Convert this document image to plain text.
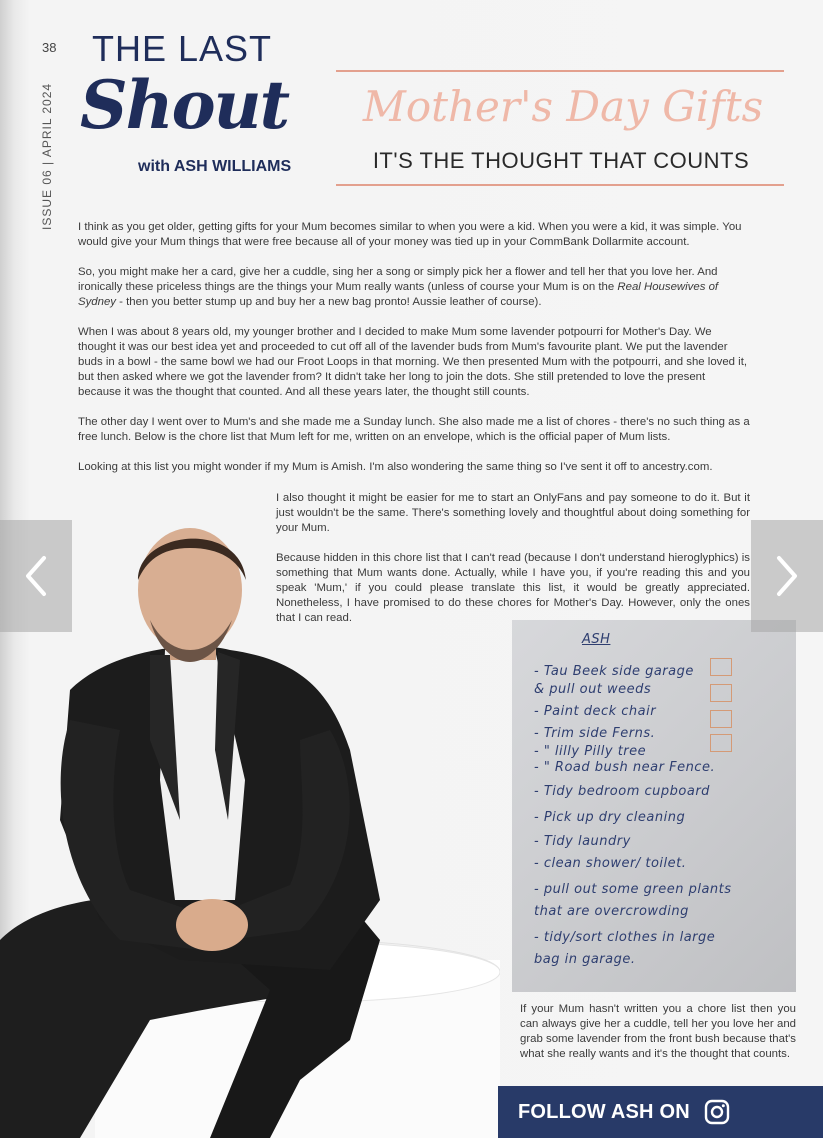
38
ISSUE 06 | APRIL 2024
THE LAST
Shout
with ASH WILLIAMS
Mother's Day Gifts
IT'S THE THOUGHT THAT COUNTS

I think as you get older, getting gifts for your Mum becomes similar to when you were a kid. When you were a kid, it was simple. You would give your Mum things that were free because all of your money was tied up in your CommBank Dollarmite account.

So, you might make her a card, give her a cuddle, sing her a song or simply pick her a flower and tell her that you love her. And ironically these priceless things are the things your Mum really wants (unless of course your Mum is on the Real Housewives of Sydney - then you better stump up and buy her a new bag pronto! Aussie leather of course).

When I was about 8 years old, my younger brother and I decided to make Mum some lavender potpourri for Mother's Day. We thought it was our best idea yet and proceeded to cut off all of the lavender buds from Mum's favourite plant. We put the lavender buds in a bowl - the same bowl we had our Froot Loops in that morning. We then presented Mum with the potpourri, and she loved it, but then asked where we got the lavender from? It didn't take her long to join the dots. She still pretended to love the present because it was the thought that counted. And all these years later, the thought still counts.

The other day I went over to Mum's and she made me a Sunday lunch. She also made me a list of chores - there's no such thing as a free lunch. Below is the chore list that Mum left for me, written on an envelope, which is the official paper of Mum lists.

Looking at this list you might wonder if my Mum is Amish. I'm also wondering the same thing so I've sent it off to ancestry.com.

I also thought it might be easier for me to start an OnlyFans and pay someone to do it. But it just wouldn't be the same. There's something lovely and thoughtful about doing something for your Mum.

Because hidden in this chore list that I can't read (because I don't understand hieroglyphics) is something that Mum wants done. Actually, while I have you, if you're reading this and you speak 'Mum,' if you could please translate this list, it would be greatly appreciated. Nonetheless, I have promised to do these chores for Mother's Day. However, only the ones that I can read.

ASH
- Tau Beek side garage
& pull out weeds
- Paint deck chair
- Trim side Ferns.
- " lilly Pilly tree
- " Road bush near Fence.
- Tidy bedroom cupboard
- Pick up dry cleaning
- Tidy laundry
- clean shower/ toilet.
- pull out some green plants
that are overcrowding
- tidy/sort clothes in large
bag in garage.
If your Mum hasn't written you a chore list then you can always give her a cuddle, tell her you love her and grab some lavender from the front bush because that's what she really wants and it's the thought that counts.
FOLLOW ASH ON
